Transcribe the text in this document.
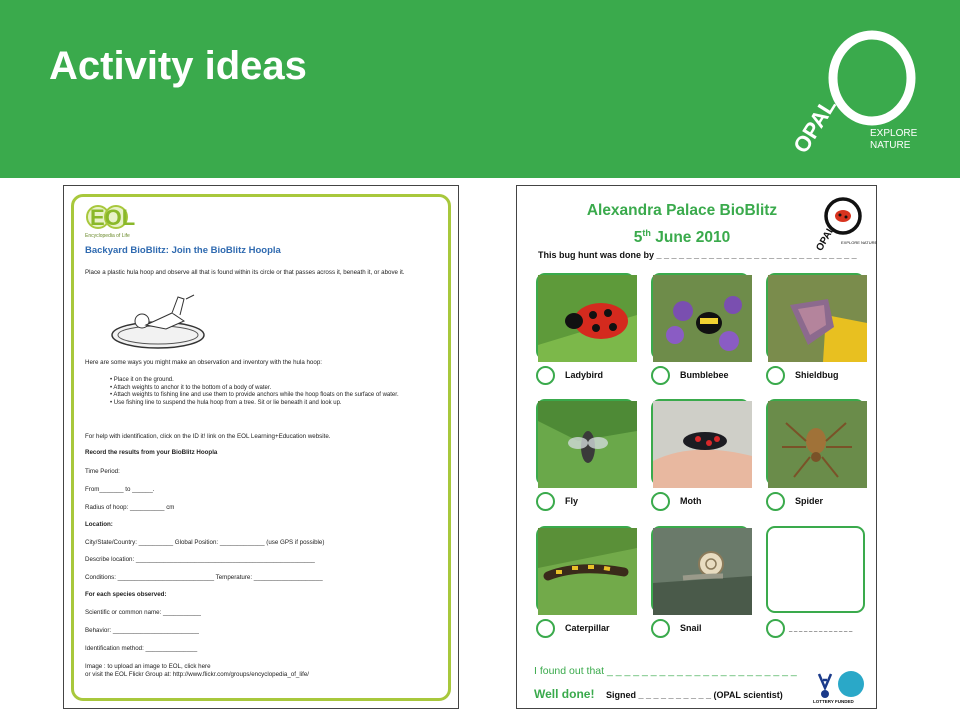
Activity ideas
OPAL	EXPLORE
NATURE
EOL
Encyclopedia of Life
Backyard BioBlitz: Join the BioBlitz Hoopla
Place a plastic hula hoop and observe all that is found within its circle or that passes across it, beneath it, or above it.
Here are some ways you might make an observation and inventory with the hula hoop:
• Place it on the ground.
• Attach weights to anchor it to the bottom of a body of water.
• Attach weights to fishing line and use them to provide anchors while the hoop floats on the surface of water.
• Use fishing line to suspend the hula hoop from a tree. Sit or lie beneath it and look up.
For help with identification, click on the ID it! link on the EOL Learning+Education website.
Record the results from your BioBlitz Hoopla
Time Period:
From_______ to ______.
Radius of hoop: __________ cm
Location:
City/State/Country: __________ Global Position: _____________ (use GPS if possible)
Describe location: ____________________________________________________
Conditions: ____________________________ Temperature: ____________________
For each species observed:
Scientific or common name: ___________
Behavior: _________________________
Identification method: _______________
Image : to upload an image to EOL, click here
or visit the EOL Flickr Group at: http://www.flickr.com/groups/encyclopedia_of_life/
Alexandra Palace BioBlitz
5th June 2010	OPAL EXPLORE NATURE
This bug hunt was done by _ _ _ _ _ _ _ _ _ _ _ _ _ _ _ _ _ _ _ _ _ _ _ _ _ _ _
Ladybird	Bumblebee	Shieldbug
Fly	Moth	Spider
Caterpillar	Snail	_ _ _ _ _ _ _ _ _ _ _ _ _
I found out that _ _ _ _ _ _ _ _ _ _ _ _ _ _ _ _ _ _ _ _ _ _
Well done! Signed _ _ _ _ _ _ _ _ _ _ (OPAL scientist)
LOTTERY FUNDED
